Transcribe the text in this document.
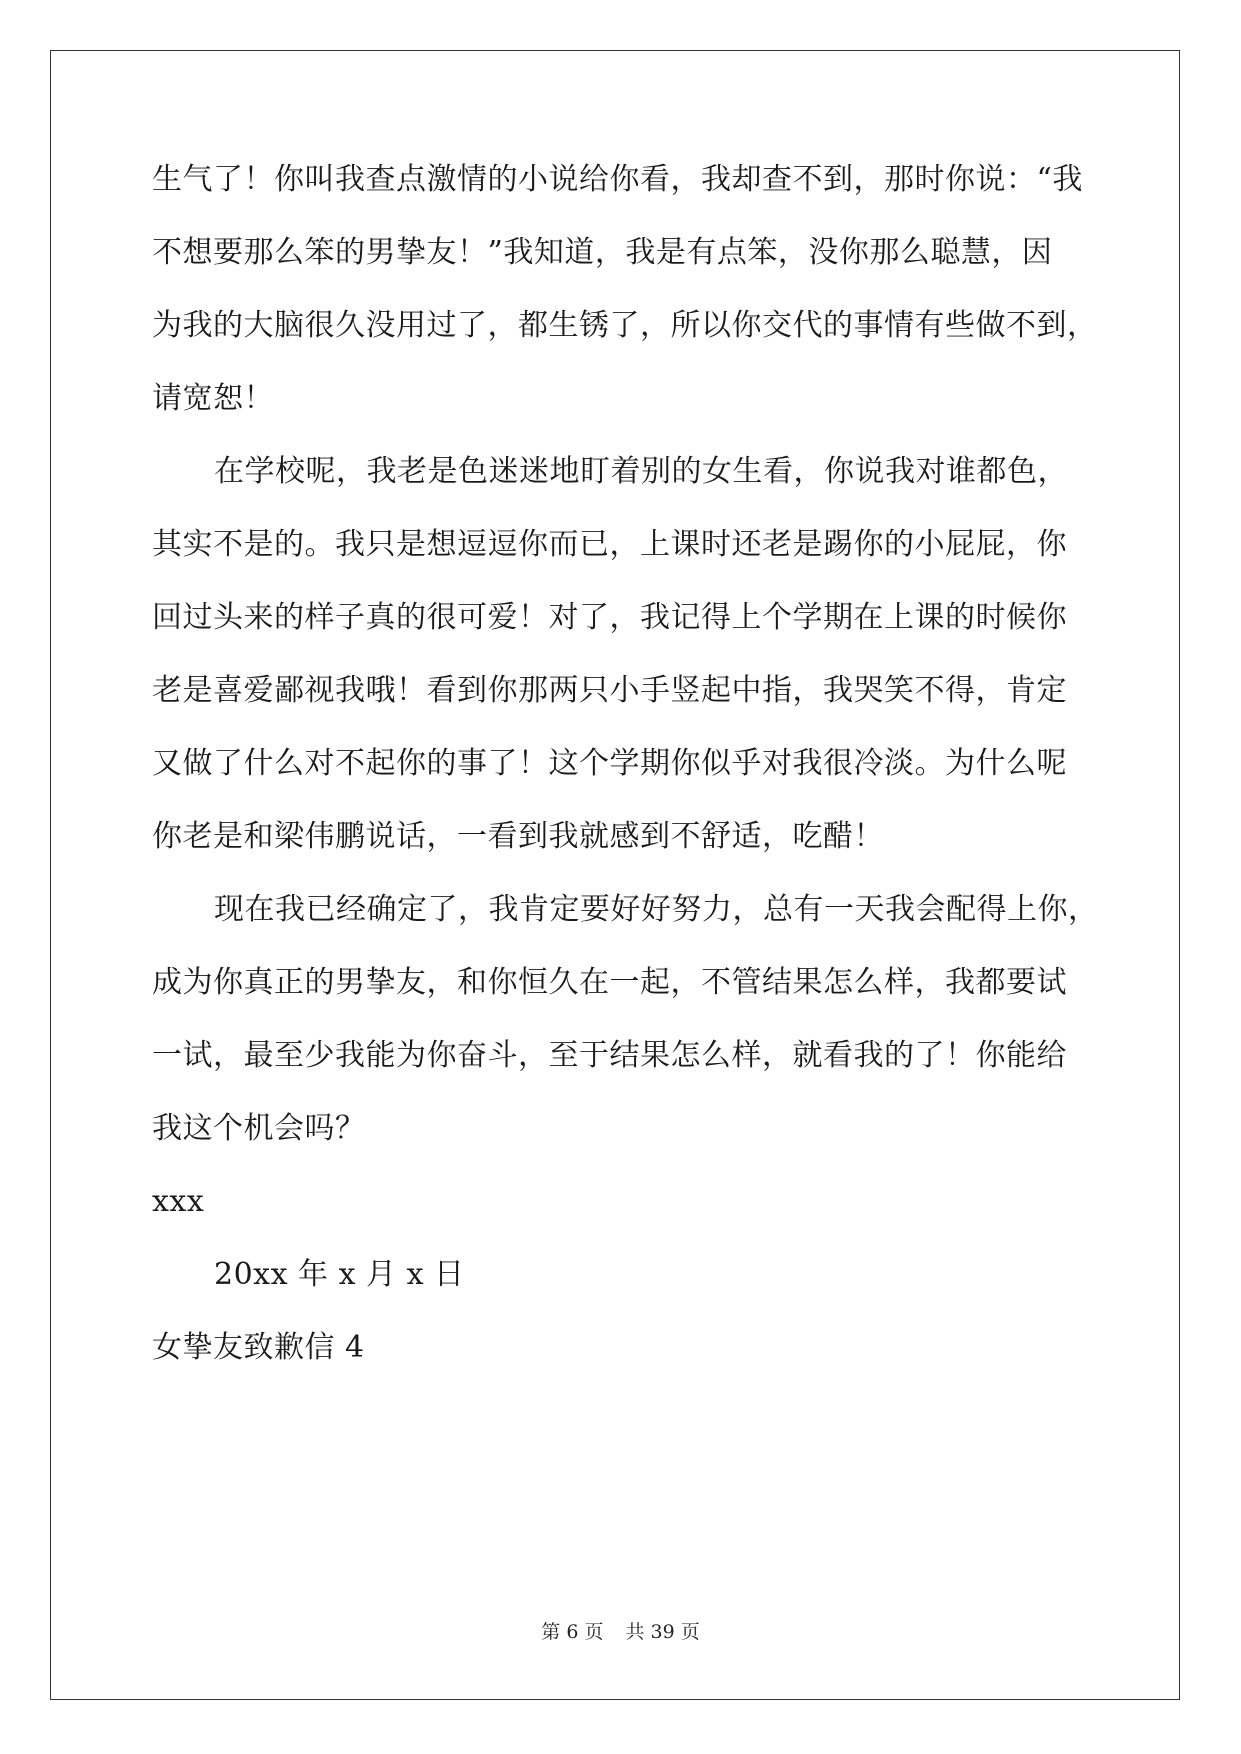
生气了！你叫我查点激情的小说给你看，我却查不到，那时你说：“我
不想要那么笨的男挚友！”我知道，我是有点笨，没你那么聪慧，因
为我的大脑很久没用过了，都生锈了，所以你交代的事情有些做不到，
请宽恕！
在学校呢，我老是色迷迷地盯着别的女生看，你说我对谁都色，
其实不是的。我只是想逗逗你而已，上课时还老是踢你的小屁屁，你
回过头来的样子真的很可爱！对了，我记得上个学期在上课的时候你
老是喜爱鄙视我哦！看到你那两只小手竖起中指，我哭笑不得，肯定
又做了什么对不起你的事了！这个学期你似乎对我很冷淡。为什么呢
你老是和梁伟鹏说话，一看到我就感到不舒适，吃醋！
现在我已经确定了，我肯定要好好努力，总有一天我会配得上你，
成为你真正的男挚友，和你恒久在一起，不管结果怎么样，我都要试
一试，最至少我能为你奋斗，至于结果怎么样，就看我的了！你能给
我这个机会吗？
xxx
20xx 年 x 月 x 日
女挚友致歉信 4
第 6 页 共 39 页
